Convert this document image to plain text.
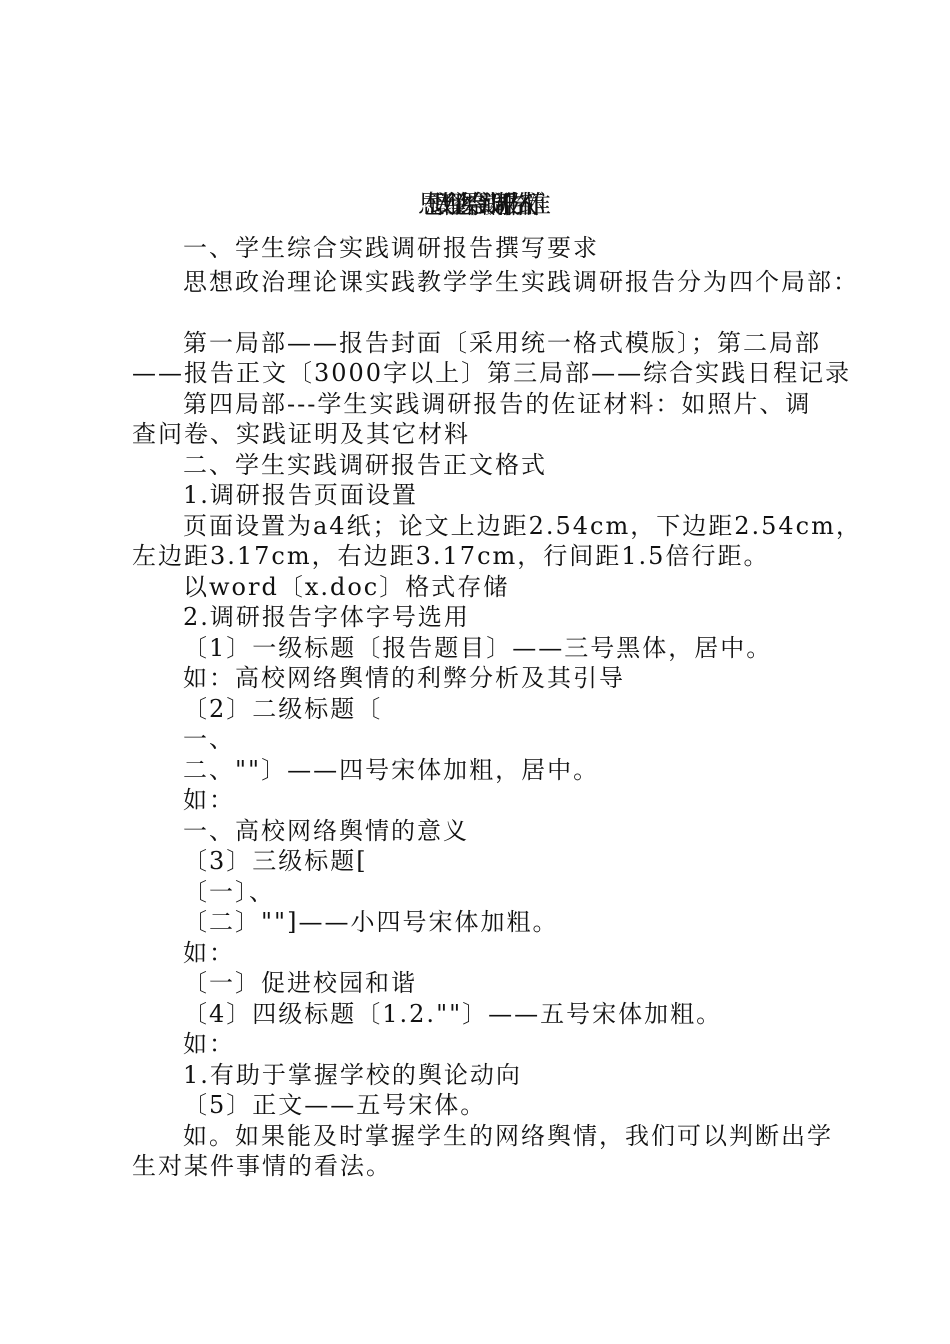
思想政治理论课综合实践调研报告格式标准
一、学生综合实践调研报告撰写要求
思想政治理论课实践教学学生实践调研报告分为四个局部：
第一局部——报告封面〔采用统一格式模版〕；第二局部
——报告正文〔3000字以上〕第三局部——综合实践日程记录
第四局部---学生实践调研报告的佐证材料：如照片、调
查问卷、实践证明及其它材料
二、学生实践调研报告正文格式
1.调研报告页面设置
页面设置为a4纸；论文上边距2.54cm，下边距2.54cm，
左边距3.17cm，右边距3.17cm，行间距1.5倍行距。
以word〔x.doc〕格式存储
2.调研报告字体字号选用
〔1〕一级标题〔报告题目〕——三号黑体，居中。
如：高校网络舆情的利弊分析及其引导
〔2〕二级标题〔
一、
二、""〕——四号宋体加粗，居中。
如：
一、高校网络舆情的意义
〔3〕三级标题[
〔一〕、
〔二〕""]——小四号宋体加粗。
如：
〔一〕促进校园和谐
〔4〕四级标题〔1.2.""〕——五号宋体加粗。
如：
1.有助于掌握学校的舆论动向
〔5〕正文——五号宋体。
如。如果能及时掌握学生的网络舆情，我们可以判断出学
生对某件事情的看法。
